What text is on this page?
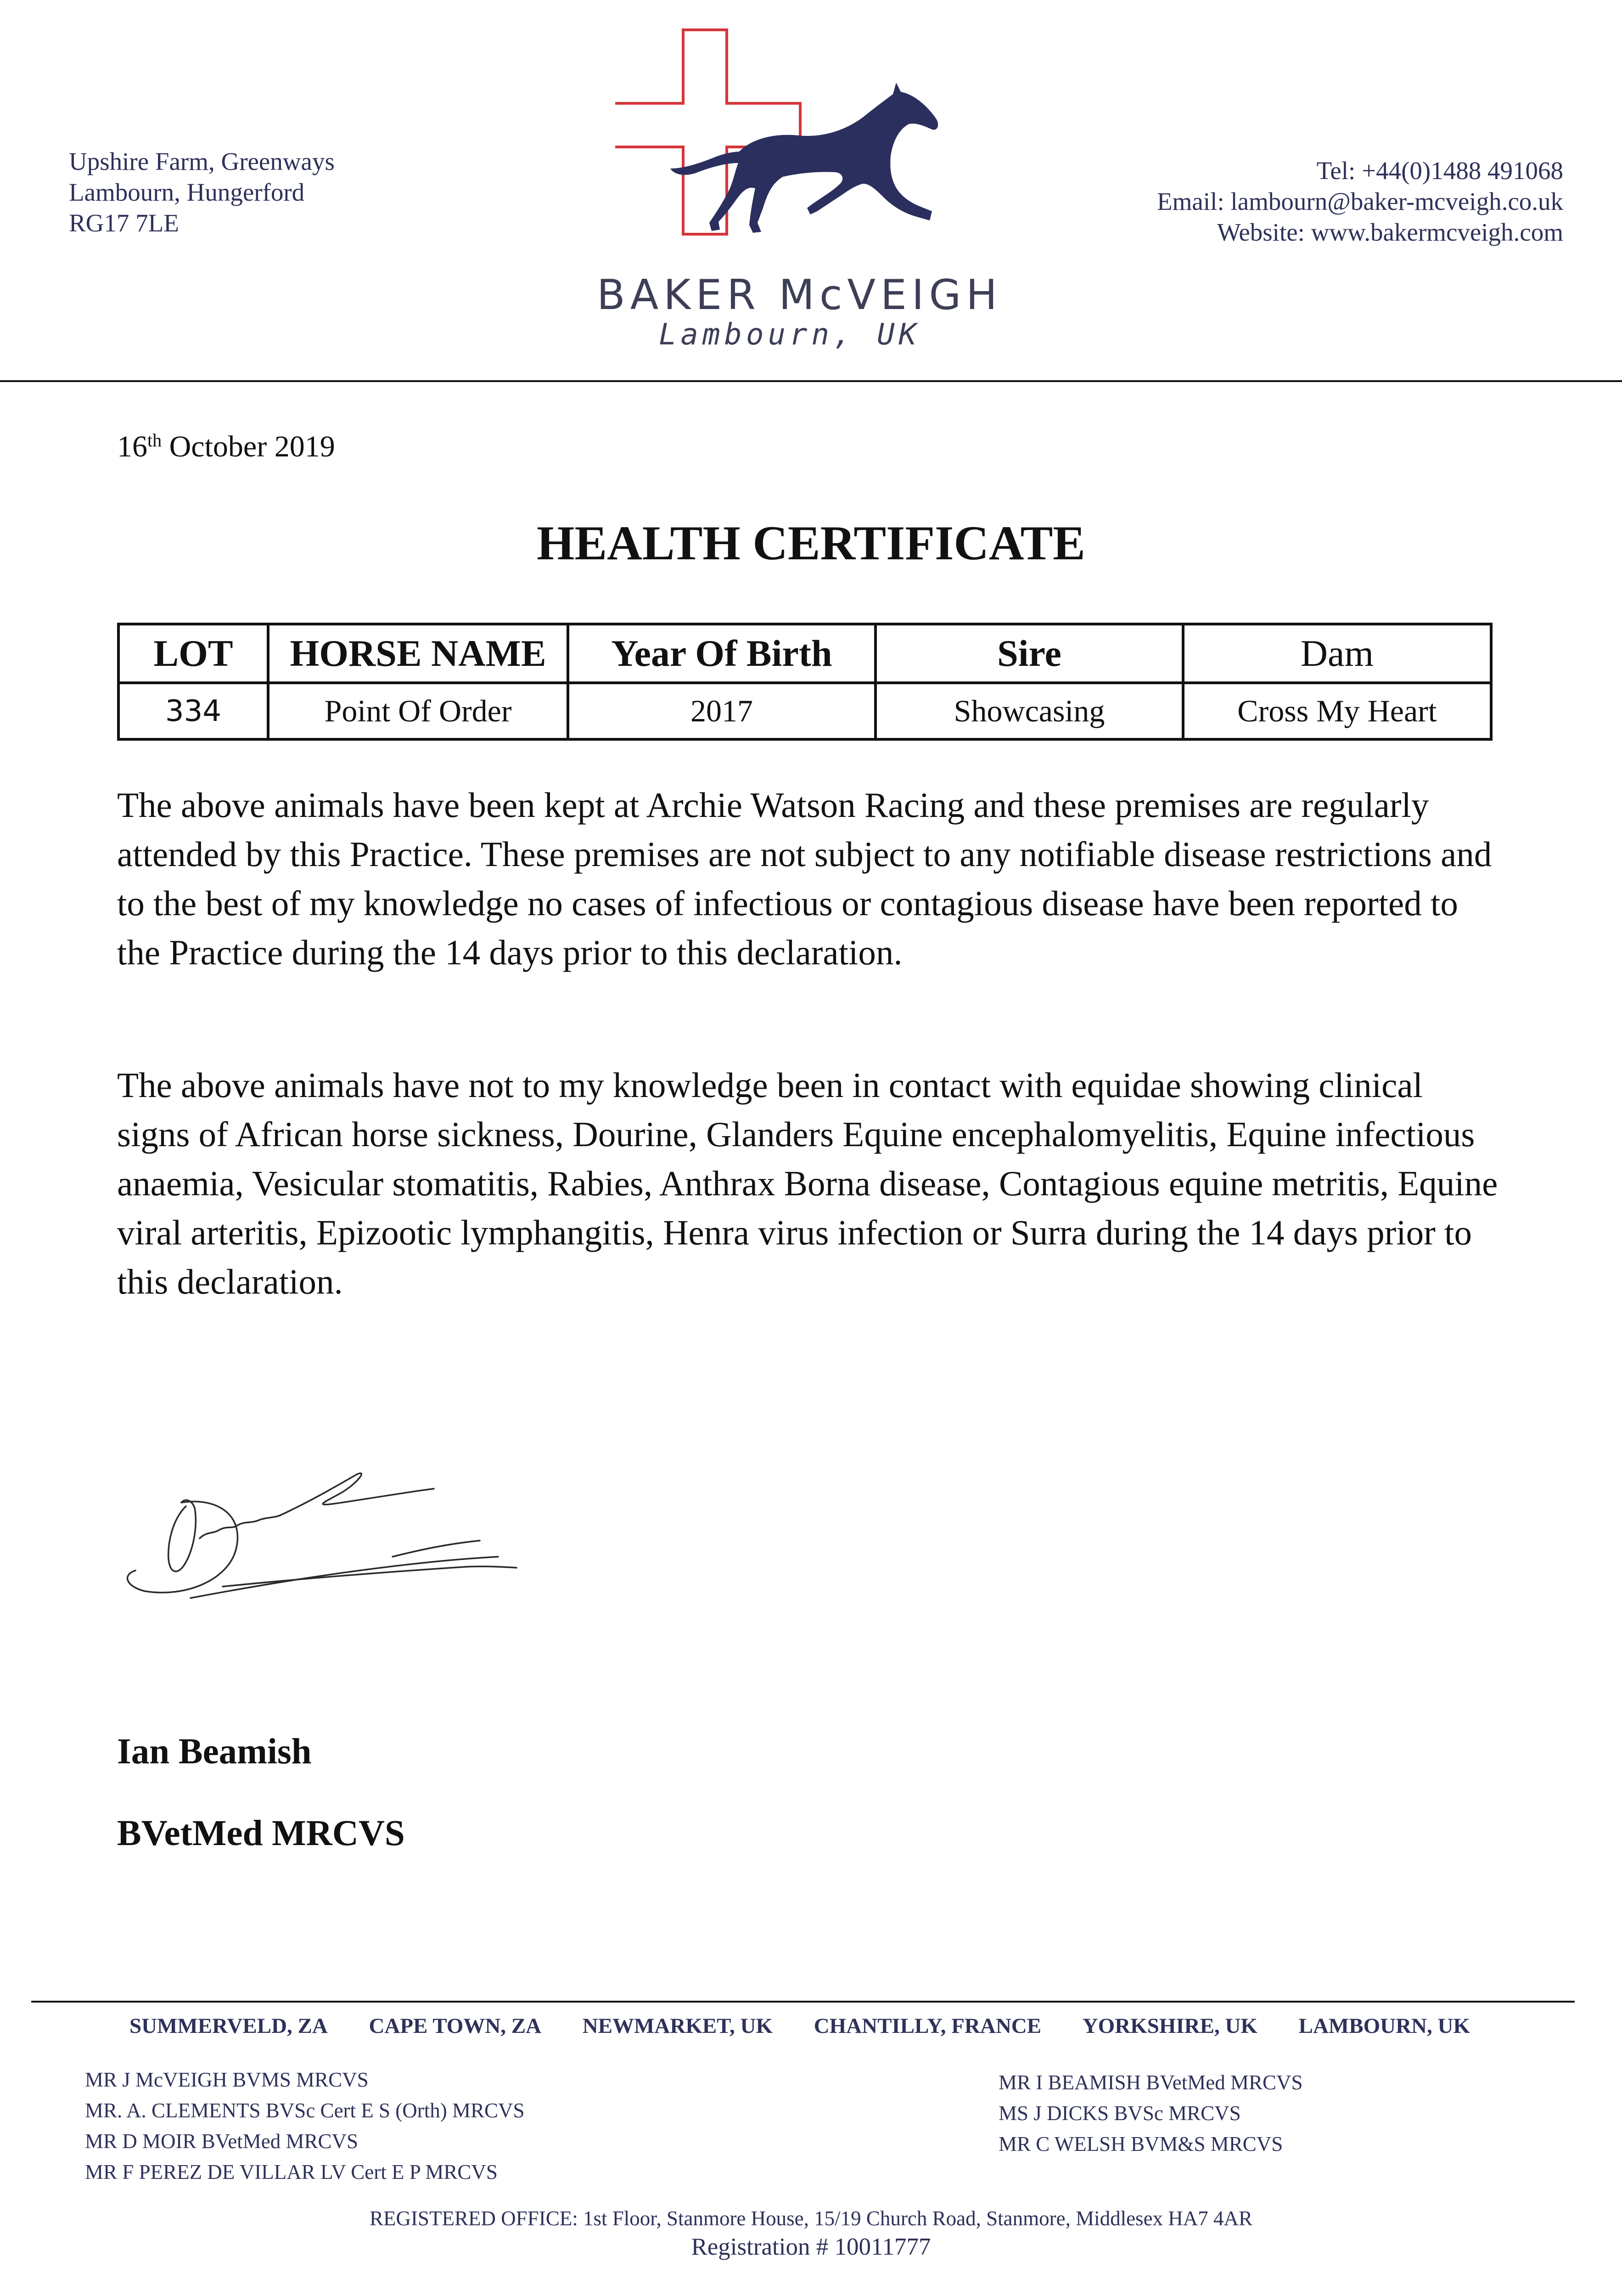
Upshire Farm, Greenways
Lambourn, Hungerford
RG17 7LE
BAKER McVEIGH
Lambourn, UK
Tel: +44(0)1488 491068
Email: lambourn@baker-mcveigh.co.uk
Website: www.bakermcveigh.com
16th October 2019
HEALTH CERTIFICATE
LOT	HORSE NAME	Year Of Birth	Sire	Dam
334	Point Of Order	2017	Showcasing	Cross My Heart
The above animals have been kept at Archie Watson Racing and these premises are regularly attended by this Practice. These premises are not subject to any notifiable disease restrictions and to the best of my knowledge no cases of infectious or contagious disease have been reported to the Practice during the 14 days prior to this declaration.
The above animals have not to my knowledge been in contact with equidae showing clinical signs of African horse sickness, Dourine, Glanders Equine encephalomyelitis, Equine infectious anaemia, Vesicular stomatitis, Rabies, Anthrax Borna disease, Contagious equine metritis, Equine viral arteritis, Epizootic lymphangitis, Henra virus infection or Surra during the 14 days prior to this declaration.
Ian Beamish
BVetMed MRCVS
SUMMERVELD, ZA CAPE TOWN, ZA NEWMARKET, UK CHANTILLY, FRANCE YORKSHIRE, UK LAMBOURN, UK
MR J McVEIGH BVMS MRCVS
MR. A. CLEMENTS BVSc Cert E S (Orth) MRCVS
MR D MOIR BVetMed MRCVS
MR F PEREZ DE VILLAR LV Cert E P MRCVS
MR I BEAMISH BVetMed MRCVS
MS J DICKS BVSc MRCVS
MR C WELSH BVM&S MRCVS
REGISTERED OFFICE: 1st Floor, Stanmore House, 15/19 Church Road, Stanmore, Middlesex HA7 4AR
Registration # 10011777
